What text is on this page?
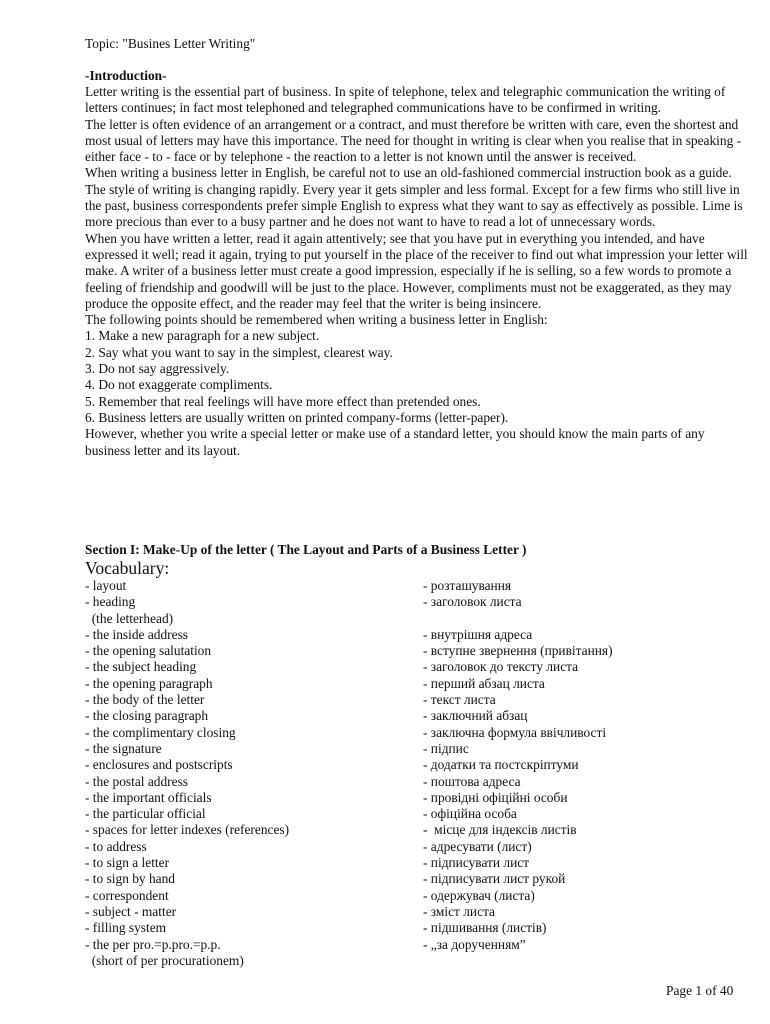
Topic: "Busines Letter Writing"
-Introduction-

Letter writing is the essential part of business. In spite of telephone, telex and telegraphic communication the writing of letters continues; in fact most telephoned and telegraphed communications have to be confirmed in writing.

The letter is often evidence of an arrangement or a contract, and must therefore be written with care, even the shortest and most usual of letters may have this importance. The need for thought in writing is clear when you realise that in speaking - either face - to - face or by telephone - the reaction to a letter is not known until the answer is received.

When writing a business letter in English, be careful not to use an old-fashioned commercial instruction book as a guide. The style of writing is changing rapidly. Every year it gets simpler and less formal. Except for a few firms who still live in the past, business correspondents prefer simple English to express what they want to say as effectively as possible. Lime is more precious than ever to a busy partner and he does not want to have to read a lot of unnecessary words.

When you have written a letter, read it again attentively; see that you have put in everything you intended, and have expressed it well; read it again, trying to put yourself in the place of the receiver to find out what impression your letter will make. A writer of a business letter must create a good impression, especially if he is selling, so a few words to promote a feeling of friendship and goodwill will be just to the place. However, compliments must not be exaggerated, as they may produce the opposite effect, and the reader may feel that the writer is being insincere.

The following points should be remembered when writing a business letter in English:

1. Make a new paragraph for a new subject.

2. Say what you want to say in the simplest, clearest way.

3. Do not say aggressively.

4. Do not exaggerate compliments.

5. Remember that real feelings will have more effect than pretended ones.

6. Business letters are usually written on printed company-forms (letter-paper).

However, whether you write a special letter or make use of a standard letter, you should know the main parts of any business letter and its layout.

Section I: Make-Up of the letter ( The Layout and Parts of a Business Letter )
Vocabulary:
- layout	- розташування
- heading	- заголовок листа
(the letterhead)
- the inside address	- внутрішня адреса
- the opening salutation	- вступне звернення (привітання)
- the subject heading	- заголовок до тексту листа
- the opening paragraph	- перший абзац листа
- the body of the letter	- текст листа
- the closing paragraph	- заключний абзац
- the complimentary closing	- заключна формула ввічливості
- the signature	- підпис
- enclosures and postscripts	- додатки та постскріптуми
- the postal address	- поштова адреса
- the important officials	- провідні офіційні особи
- the particular official	- офіційна особа
- spaces for letter indexes (references)	-  місце для індексів листів
- to address	- адресувати (лист)
- to sign a letter	- підписувати лист
- to sign by hand	- підписувати лист рукой
- correspondent	- одержувач (листа)
- subject - matter	- зміст листа
- filling system	- підшивання (листів)
- the per pro.=p.pro.=p.p.	- „за дорученням”
(short of per procurationem)
Page 1 of 40
